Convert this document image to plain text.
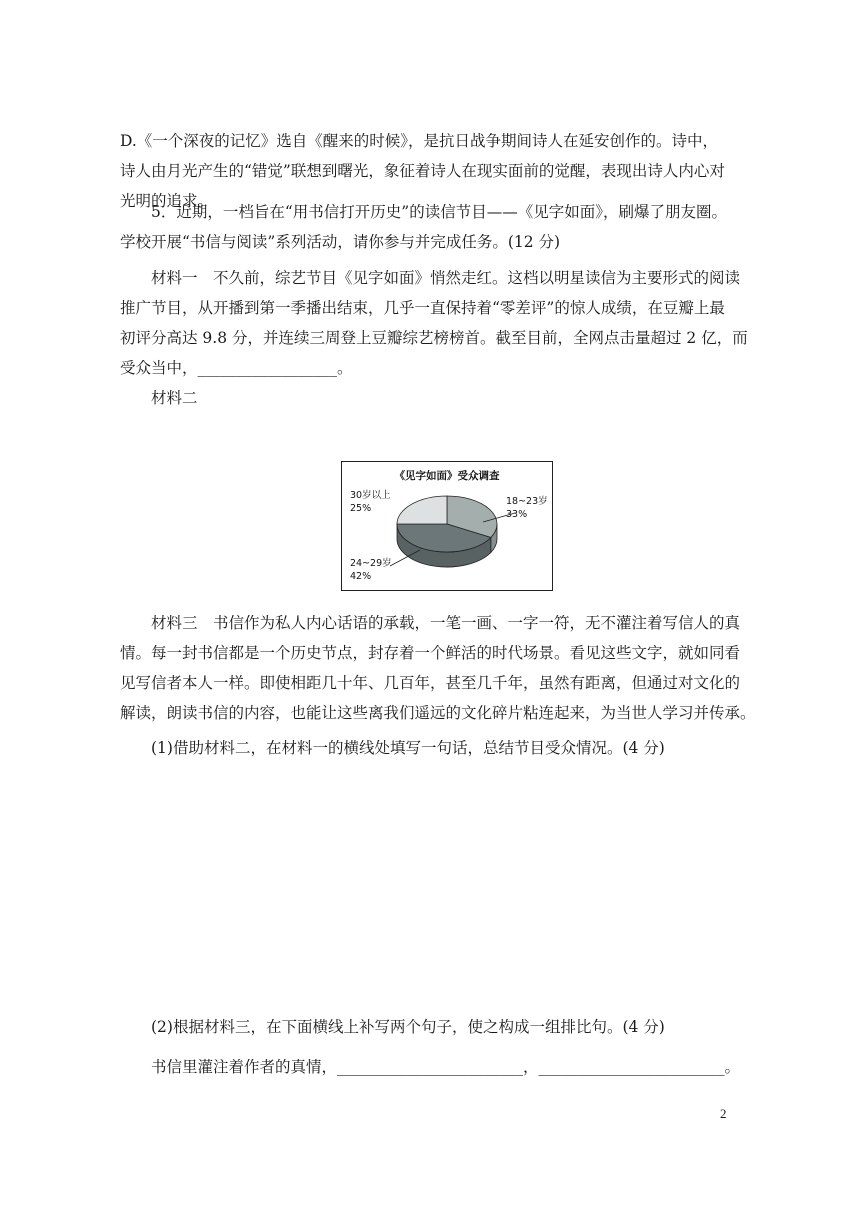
D.《一个深夜的记忆》选自《醒来的时候》，是抗日战争期间诗人在延安创作的。诗中，
诗人由月光产生的“错觉”联想到曙光，象征着诗人在现实面前的觉醒，表现出诗人内心对
光明的追求。
5．近期，一档旨在“用书信打开历史”的读信节目——《见字如面》，刷爆了朋友圈。
学校开展“书信与阅读”系列活动，请你参与并完成任务。(12 分)
材料一　不久前，综艺节目《见字如面》悄然走红。这档以明星读信为主要形式的阅读
推广节目，从开播到第一季播出结束，几乎一直保持着“零差评”的惊人成绩，在豆瓣上最
初评分高达 9.8 分，并连续三周登上豆瓣综艺榜榜首。截至目前，全网点击量超过 2 亿，而
受众当中，__________________。
材料二
《见字如面》受众调查
18~23岁
33%
24~29岁
42%
30岁以上
25%
材料三　书信作为私人内心话语的承载，一笔一画、一字一符，无不灌注着写信人的真
情。每一封书信都是一个历史节点，封存着一个鲜活的时代场景。看见这些文字，就如同看
见写信者本人一样。即使相距几十年、几百年，甚至几千年，虽然有距离，但通过对文化的
解读，朗读书信的内容，也能让这些离我们遥远的文化碎片粘连起来，为当世人学习并传承。
(1)借助材料二，在材料一的横线处填写一句话，总结节目受众情况。(4 分)
(2)根据材料三，在下面横线上补写两个句子，使之构成一组排比句。(4 分)
书信里灌注着作者的真情，________________________，________________________。
2
